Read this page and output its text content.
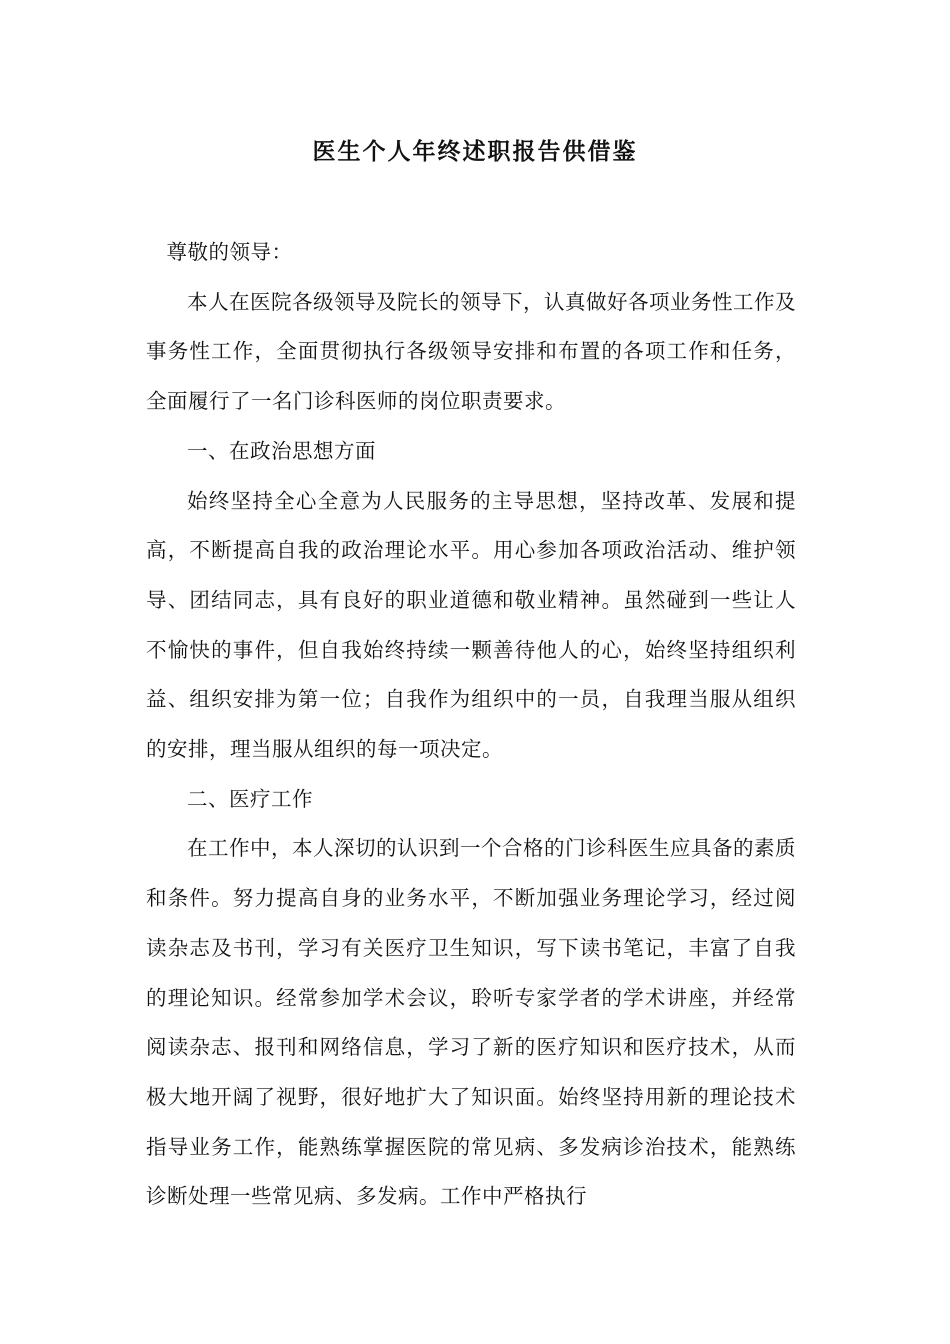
医生个人年终述职报告供借鉴

尊敬的领导：

本人在医院各级领导及院长的领导下，认真做好各项业务性工作及事务性工作，全面贯彻执行各级领导安排和布置的各项工作和任务，全面履行了一名门诊科医师的岗位职责要求。

一、在政治思想方面

始终坚持全心全意为人民服务的主导思想，坚持改革、发展和提高，不断提高自我的政治理论水平。用心参加各项政治活动、维护领导、团结同志，具有良好的职业道德和敬业精神。虽然碰到一些让人不愉快的事件，但自我始终持续一颗善待他人的心，始终坚持组织利益、组织安排为第一位；自我作为组织中的一员，自我理当服从组织的安排，理当服从组织的每一项决定。

二、医疗工作

在工作中，本人深切的认识到一个合格的门诊科医生应具备的素质和条件。努力提高自身的业务水平，不断加强业务理论学习，经过阅读杂志及书刊，学习有关医疗卫生知识，写下读书笔记，丰富了自我的理论知识。经常参加学术会议，聆听专家学者的学术讲座，并经常阅读杂志、报刊和网络信息，学习了新的医疗知识和医疗技术，从而极大地开阔了视野，很好地扩大了知识面。始终坚持用新的理论技术指导业务工作，能熟练掌握医院的常见病、多发病诊治技术，能熟练诊断处理一些常见病、多发病。工作中严格执行
